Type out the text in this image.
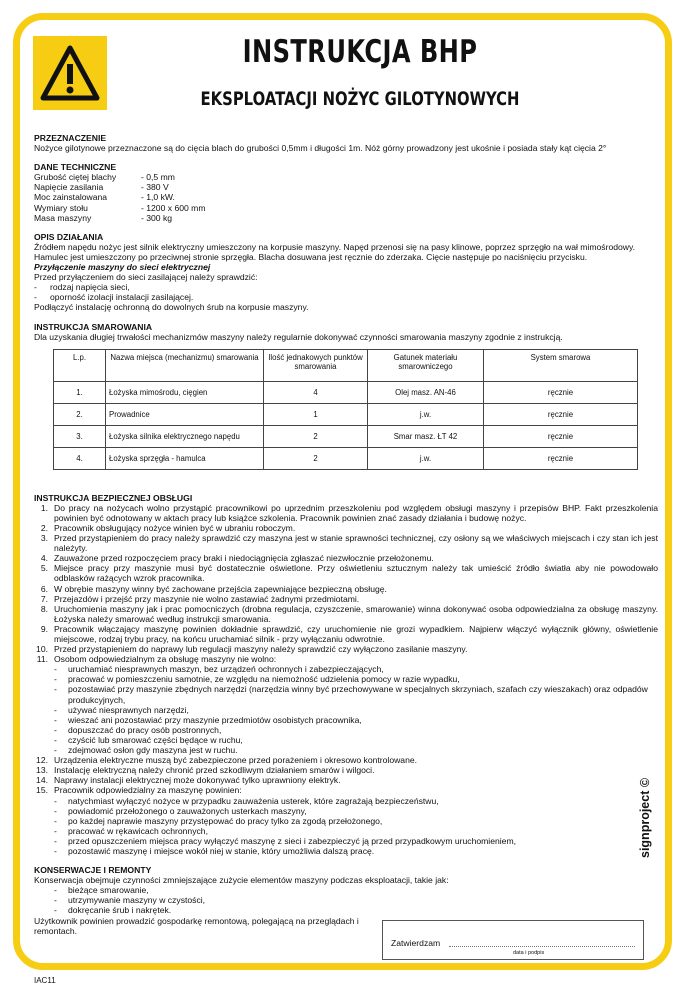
INSTRUKCJA BHP
EKSPLOATACJI NOŻYC GILOTYNOWYCH

PRZEZNACZENIE

Nożyce gilotynowe przeznaczone są do cięcia blach do grubości 0,5mm i długości 1m. Nóż górny prowadzony jest ukośnie i posiada stały kąt cięcia 2°

DANE TECHNICZNE

Grubość ciętej blachy	- 0,5 mm
Napięcie zasilania	- 380 V
Moc zainstalowana	- 1,0 kW.
Wymiary stołu	- 1200 x 600 mm
Masa maszyny	- 300 kg

OPIS DZIAŁANIA

Źródłem napędu nożyc jest silnik elektryczny umieszczony na korpusie maszyny. Napęd przenosi się na pasy klinowe, poprzez sprzęgło na wał mimośrodowy. Hamulec jest umieszczony po przeciwnej stronie sprzęgła. Blacha dosuwana jest ręcznie do zderzaka. Cięcie następuje po naciśnięciu przycisku.

Przyłączenie maszyny do sieci elektrycznej

Przed przyłączeniem do sieci zasilającej należy sprawdzić:

-	rodzaj napięcia sieci,
-	oporność izolacji instalacji zasilającej.

Podłączyć instalację ochronną do dowolnych śrub na korpusie maszyny.

INSTRUKCJA SMAROWANIA

Dla uzyskania długiej trwałości mechanizmów maszyny należy regularnie dokonywać czynności smarowania maszyny zgodnie z instrukcją.

L.p.	Nazwa miejsca (mechanizmu) smarowania	Ilość jednakowych punktów smarowania	Gatunek materiału smarowniczego	System smarowa
1.	Łożyska mimośrodu, cięgien	4	Olej masz. AN-46	ręcznie
2.	Prowadnice	1	j.w.	ręcznie
3.	Łożyska silnika elektrycznego napędu	2	Smar masz. ŁT 42	ręcznie
4.	Łożyska sprzęgła - hamulca	2	j.w.	ręcznie

INSTRUKCJA BEZPIECZNEJ OBSŁUGI

1. Do pracy na nożycach wolno przystąpić pracownikowi po uprzednim przeszkoleniu pod względem obsługi maszyny i przepisów BHP. Fakt przeszkolenia powinien być odnotowany w aktach pracy lub książce szkolenia. Pracownik powinien znać zasady działania i budowę nożyc.
2. Pracownik obsługujący nożyce winien być w ubraniu roboczym.
3. Przed przystąpieniem do pracy należy sprawdzić czy maszyna jest w stanie sprawności technicznej, czy osłony są we właściwych miejscach i czy stan ich jest należyty.
4. Zauważone przed rozpoczęciem pracy braki i niedociągnięcia zgłaszać niezwłocznie przełożonemu.
5. Miejsce pracy przy maszynie musi być dostatecznie oświetlone. Przy oświetleniu sztucznym należy tak umieścić źródło światła aby nie powodowało odblasków rażących wzrok pracownika.
6. W obrębie maszyny winny być zachowane przejścia zapewniające bezpieczną obsługę.
7. Przejazdów i przejść przy maszynie nie wolno zastawiać żadnymi przedmiotami.
8. Uruchomienia maszyny jak i prac pomocniczych (drobna regulacja, czyszczenie, smarowanie) winna dokonywać osoba odpowiedzialna za obsługę maszyny. Łożyska należy smarować według instrukcji smarowania.
9. Pracownik włączający maszynę powinien dokładnie sprawdzić, czy uruchomienie nie grozi wypadkiem. Najpierw włączyć wyłącznik główny, oświetlenie miejscowe, rodzaj trybu pracy, na końcu uruchamiać silnik - przy wyłączaniu odwrotnie.
10. Przed przystąpieniem do naprawy lub regulacji maszyny należy sprawdzić czy wyłączono zasilanie maszyny.
11. Osobom odpowiedzialnym za obsługę maszyny nie wolno:
-	uruchamiać niesprawnych maszyn, bez urządzeń ochronnych i zabezpieczających,
-	pracować w pomieszczeniu samotnie, ze względu na niemożność udzielenia pomocy w razie wypadku,
-	pozostawiać przy maszynie zbędnych narzędzi (narzędzia winny być przechowywane w specjalnych skrzyniach, szafach czy wieszakach) oraz odpadów produkcyjnych,
-	używać niesprawnych narzędzi,
-	wieszać ani pozostawiać przy maszynie przedmiotów osobistych pracownika,
-	dopuszczać do pracy osób postronnych,
-	czyścić lub smarować części będące w ruchu,
-	zdejmować osłon gdy maszyna jest w ruchu.
12. Urządzenia elektryczne muszą być zabezpieczone przed porażeniem i okresowo kontrolowane.
13. Instalację elektryczną należy chronić przed szkodliwym działaniem smarów i wilgoci.
14. Naprawy instalacji elektrycznej może dokonywać tylko uprawniony elektryk.
15. Pracownik odpowiedzialny za maszynę powinien:
-	natychmiast wyłączyć nożyce w przypadku zauważenia usterek, które zagrażają bezpieczeństwu,
-	powiadomić przełożonego o zauważonych usterkach maszyny,
-	po każdej naprawie maszyny przystępować do pracy tylko za zgodą przełożonego,
-	pracować w rękawicach ochronnych,
-	przed opuszczeniem miejsca pracy wyłączyć maszynę z sieci i zabezpieczyć ją przed przypadkowym uruchomieniem,
-	pozostawić maszynę i miejsce wokół niej w stanie, który umożliwia dalszą pracę.

KONSERWACJE I REMONTY

Konserwacja obejmuje czynności zmniejszające zużycie elementów maszyny podczas eksploatacji, takie jak:

-	bieżące smarowanie,
-	utrzymywanie maszyny w czystości,
-	dokręcanie śrub i nakrętek.

Użytkownik powinien prowadzić gospodarkę remontową, polegającą na przeglądach i remontach.

Zatwierdzam
data i podpis
IAC11
signproject ©
